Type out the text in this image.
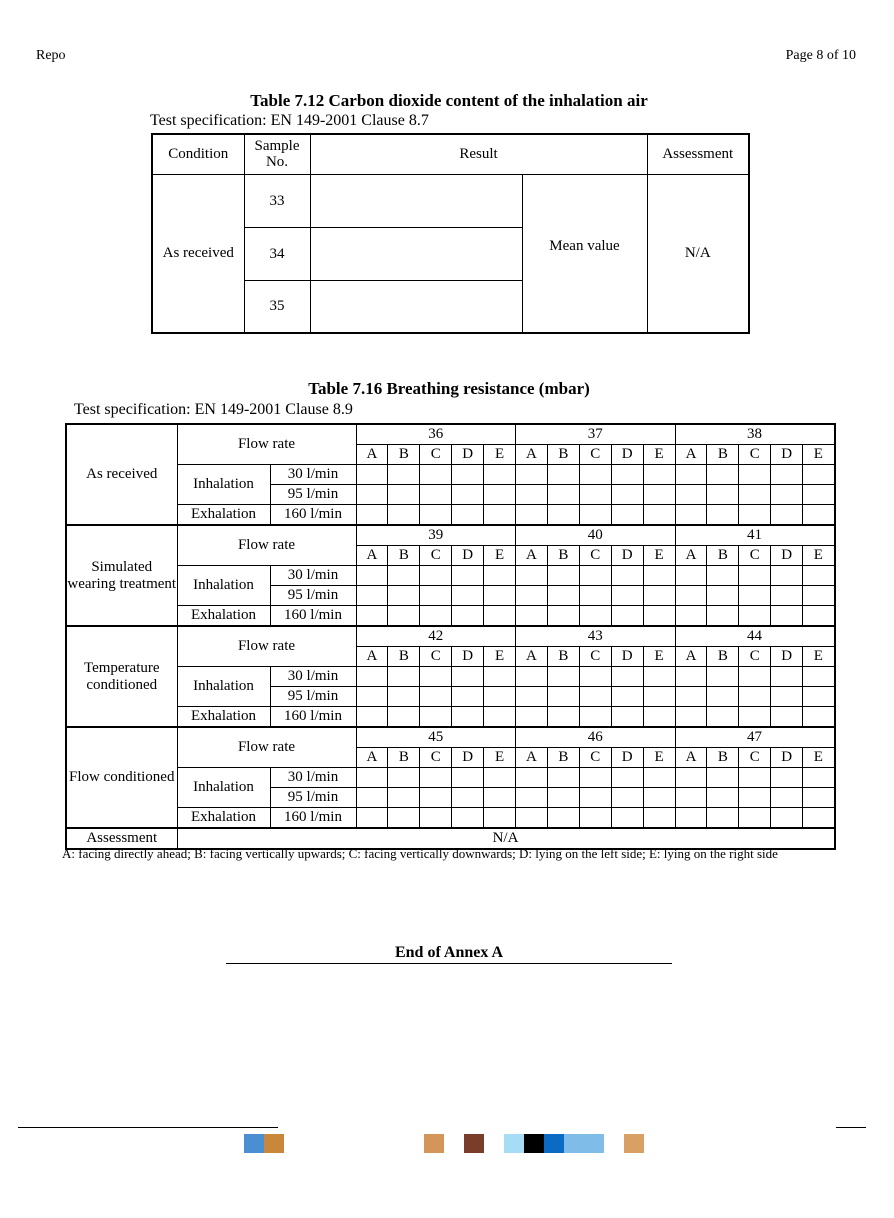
Repo	Page 8 of 10
Table 7.12 Carbon dioxide content of the inhalation air
Test specification: EN 149-2001 Clause 8.7
Condition	Sample No.	Result		Assessment
As received	33		Mean value	N/A
	34			
	35			
Table 7.16 Breathing resistance (mbar)
Test specification: EN 149-2001 Clause 8.9
As received	Flow rate		36					37					38				
			A	B	C	D	E	A	B	C	D	E	A	B	C	D	E
	Inhalation	30 l/min															
		95 l/min															
	Exhalation	160 l/min															
Simulated wearing treatment	Flow rate		39					40					41				
			A	B	C	D	E	A	B	C	D	E	A	B	C	D	E
	Inhalation	30 l/min															
		95 l/min															
	Exhalation	160 l/min															
Temperature conditioned	Flow rate		42					43					44				
			A	B	C	D	E	A	B	C	D	E	A	B	C	D	E
	Inhalation	30 l/min															
		95 l/min															
	Exhalation	160 l/min															
Flow conditioned	Flow rate		45					46					47				
			A	B	C	D	E	A	B	C	D	E	A	B	C	D	E
	Inhalation	30 l/min															
		95 l/min															
	Exhalation	160 l/min															
Assessment	N/A																
A: facing directly ahead; B: facing vertically upwards; C: facing vertically downwards; D: lying on the left side; E: lying on the right side
End of Annex A
